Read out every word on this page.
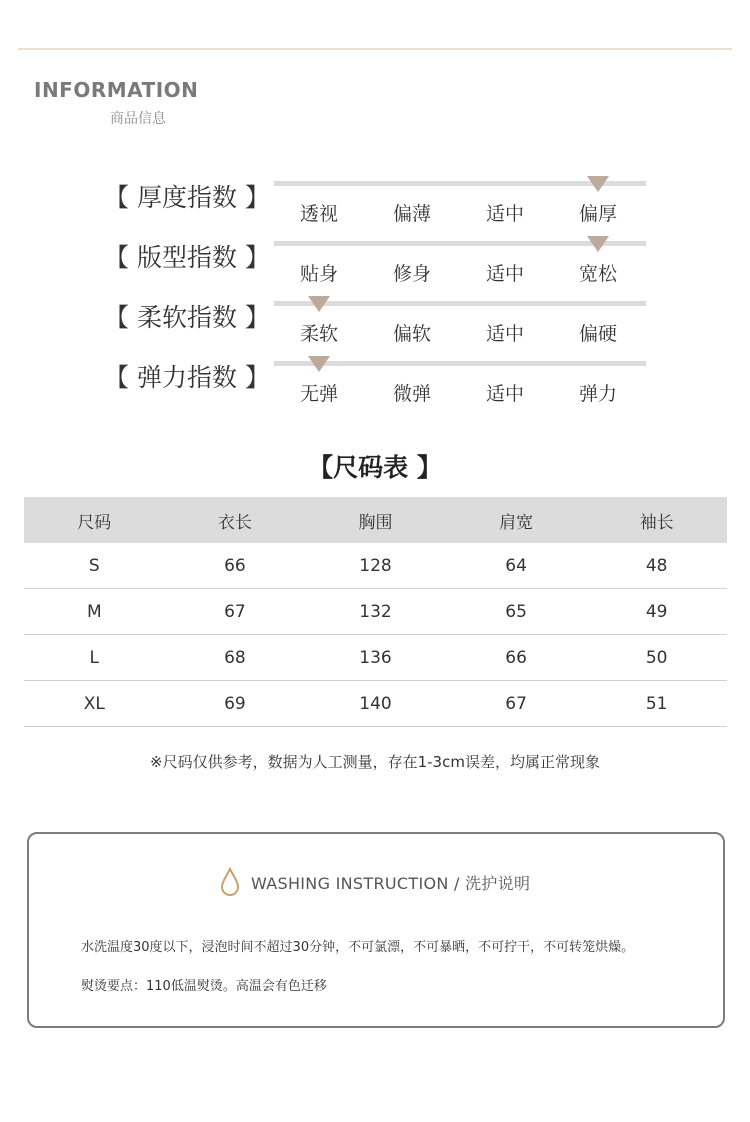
INFORMATION
商品信息
【 厚度指数 】
透视	偏薄	适中	偏厚
【 版型指数 】
贴身	修身	适中	宽松
【 柔软指数 】
柔软	偏软	适中	偏硬
【 弹力指数 】
无弹	微弹	适中	弹力
【尺码表 】
尺码	衣长	胸围	肩宽	袖长
S	66	128	64	48
M	67	132	65	49
L	68	136	66	50
XL	69	140	67	51
※尺码仅供参考，数据为人工测量，存在1-3cm误差，均属正常现象
WASHING INSTRUCTION / 洗护说明
水洗温度30度以下，浸泡时间不超过30分钟，不可氯漂，不可暴晒，不可拧干，不可转笼烘燥。
熨烫要点：110低温熨烫。高温会有色迁移
